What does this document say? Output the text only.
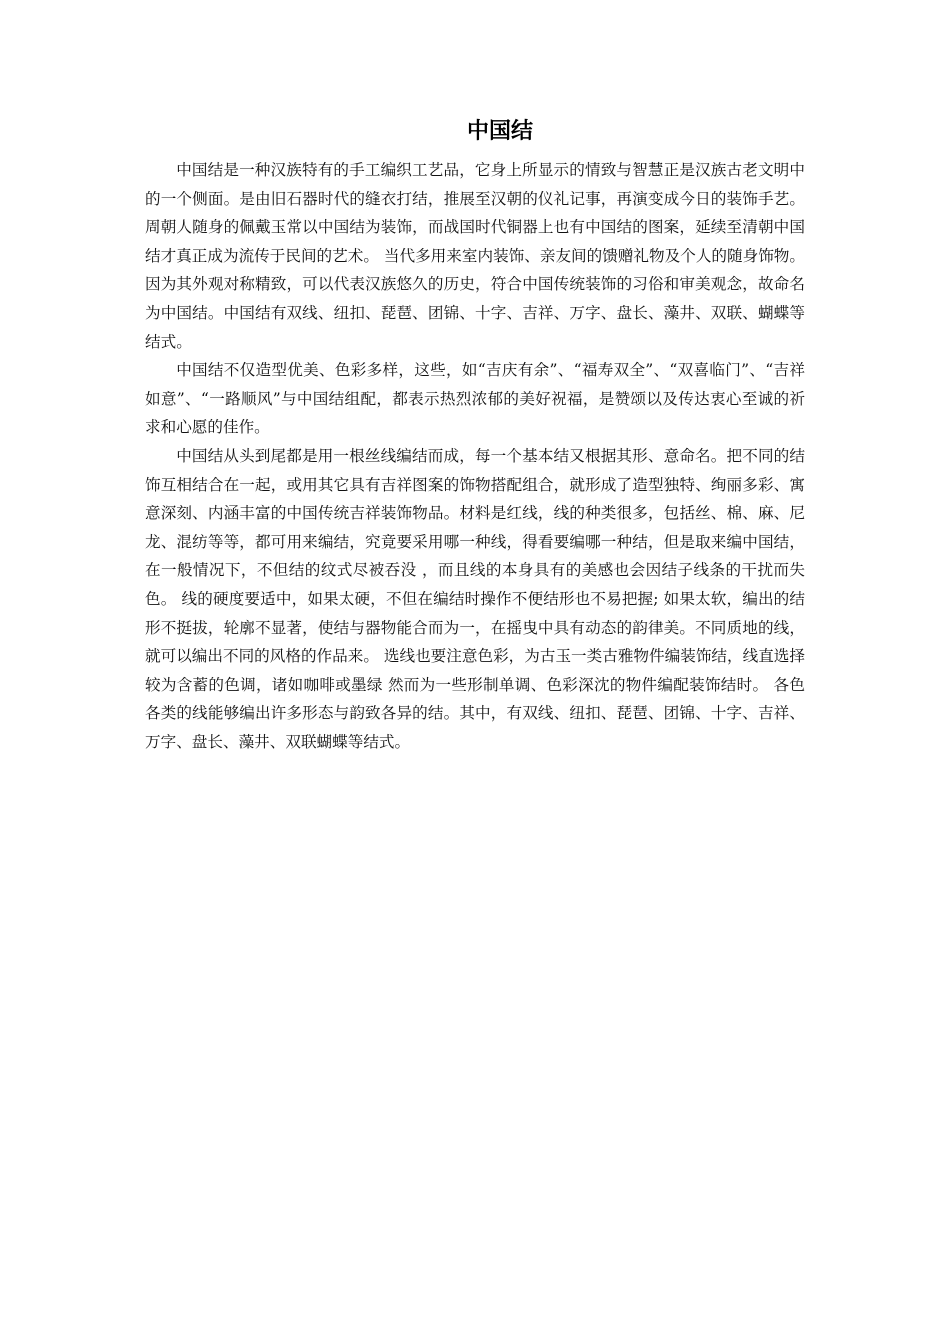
中国结

中国结是一种汉族特有的手工编织工艺品，它身上所显示的情致与智慧正是汉族古老文明中的一个侧面。是由旧石器时代的缝衣打结，推展至汉朝的仪礼记事，再演变成今日的装饰手艺。周朝人随身的佩戴玉常以中国结为装饰，而战国时代铜器上也有中国结的图案，延续至清朝中国结才真正成为流传于民间的艺术。 当代多用来室内装饰、亲友间的馈赠礼物及个人的随身饰物。因为其外观对称精致，可以代表汉族悠久的历史，符合中国传统装饰的习俗和审美观念，故命名为中国结。中国结有双线、纽扣、琵琶、团锦、十字、吉祥、万字、盘长、藻井、双联、蝴蝶等结式。

中国结不仅造型优美、色彩多样，这些，如“吉庆有余”、“福寿双全”、“双喜临门”、“吉祥如意”、“一路顺风”与中国结组配，都表示热烈浓郁的美好祝福，是赞颂以及传达衷心至诚的祈求和心愿的佳作。

中国结从头到尾都是用一根丝线编结而成，每一个基本结又根据其形、意命名。把不同的结饰互相结合在一起，或用其它具有吉祥图案的饰物搭配组合，就形成了造型独特、绚丽多彩、寓意深刻、内涵丰富的中国传统吉祥装饰物品。材料是红线，线的种类很多，包括丝、棉、麻、尼龙、混纺等等，都可用来编结，究竟要采用哪一种线，得看要编哪一种结，但是取来编中国结，在一般情况下，不但结的纹式尽被吞没 ，而且线的本身具有的美感也会因结子线条的干扰而失色。 线的硬度要适中，如果太硬，不但在编结时操作不便结形也不易把握; 如果太软，编出的结形不挺拔，轮廓不显著，使结与器物能合而为一，在摇曳中具有动态的韵律美。不同质地的线，就可以编出不同的风格的作品来。 选线也要注意色彩，为古玉一类古雅物件编装饰结，线直选择较为含蓄的色调，诸如咖啡或墨绿 然而为一些形制单调、色彩深沈的物件编配装饰结时。 各色各类的线能够编出许多形态与韵致各异的结。其中，有双线、纽扣、琵琶、团锦、十字、吉祥、万字、盘长、藻井、双联蝴蝶等结式。
